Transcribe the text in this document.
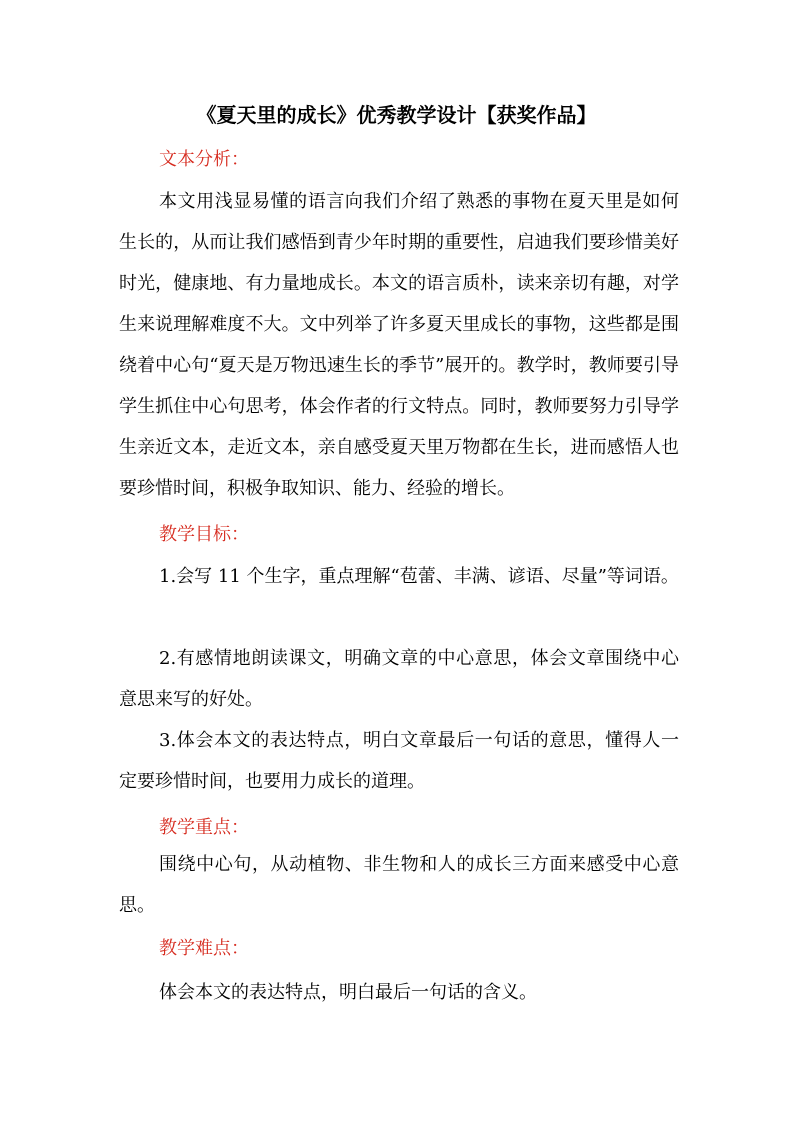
《夏天里的成长》优秀教学设计【获奖作品】
文本分析：
本文用浅显易懂的语言向我们介绍了熟悉的事物在夏天里是如何生长的，从而让我们感悟到青少年时期的重要性，启迪我们要珍惜美好时光，健康地、有力量地成长。本文的语言质朴，读来亲切有趣，对学生来说理解难度不大。文中列举了许多夏天里成长的事物，这些都是围绕着中心句“夏天是万物迅速生长的季节”展开的。教学时，教师要引导学生抓住中心句思考，体会作者的行文特点。同时，教师要努力引导学生亲近文本，走近文本，亲自感受夏天里万物都在生长，进而感悟人也要珍惜时间，积极争取知识、能力、经验的增长。
教学目标：
1.会写 11 个生字，重点理解“苞蕾、丰满、谚语、尽量”等词语。
2.有感情地朗读课文，明确文章的中心意思，体会文章围绕中心意思来写的好处。
3.体会本文的表达特点，明白文章最后一句话的意思，懂得人一定要珍惜时间，也要用力成长的道理。
教学重点：
围绕中心句，从动植物、非生物和人的成长三方面来感受中心意思。
教学难点：
体会本文的表达特点，明白最后一句话的含义。
